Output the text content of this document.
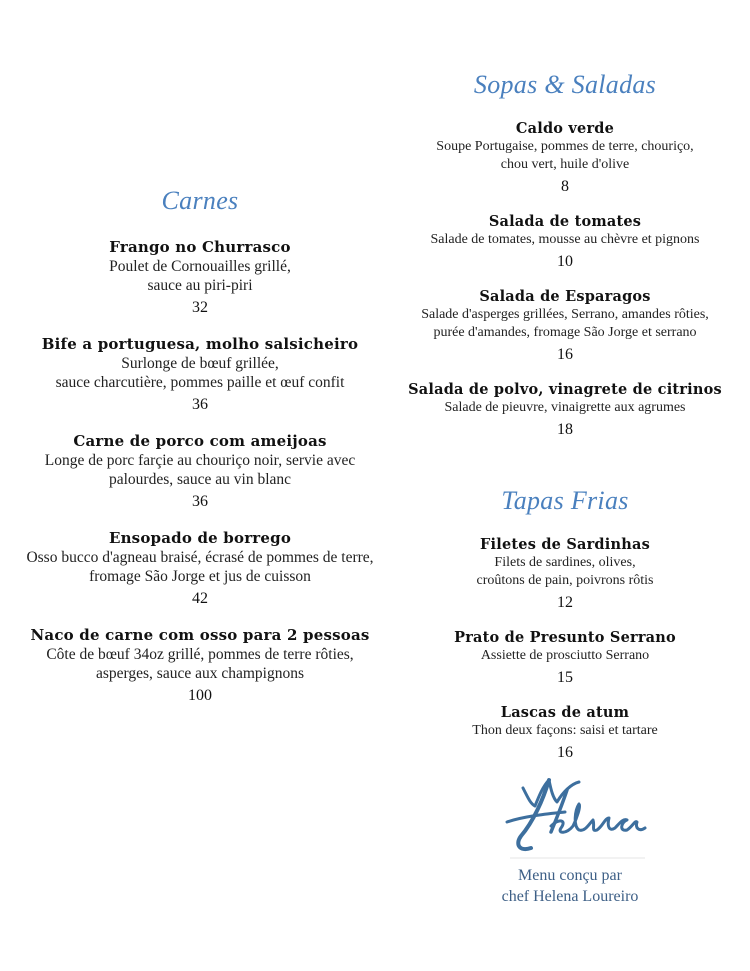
Carnes
Frango no Churrasco
Poulet de Cornouailles grillé,
sauce au piri-piri
32
Bife a portuguesa, molho salsicheiro
Surlonge de bœuf grillée,
sauce charcutière, pommes paille et œuf confit
36
Carne de porco com ameijoas
Longe de porc farçie au chouriço noir, servie avec
palourdes, sauce au vin blanc
36
Ensopado de borrego
Osso bucco d'agneau braisé, écrasé de pommes de terre,
fromage São Jorge et jus de cuisson
42
Naco de carne com osso para 2 pessoas
Côte de bœuf 34oz grillé, pommes de terre rôties,
asperges, sauce aux champignons
100
Sopas & Saladas
Caldo verde
Soupe Portugaise, pommes de terre, chouriço,
chou vert, huile d'olive
8
Salada de tomates
Salade de tomates, mousse au chèvre et pignons
10
Salada de Esparagos
Salade d'asperges grillées, Serrano, amandes rôties,
purée d'amandes, fromage São Jorge et serrano
16
Salada de polvo, vinagrete de citrinos
Salade de pieuvre, vinaigrette aux agrumes
18
Tapas Frias
Filetes de Sardinhas
Filets de sardines, olives,
croûtons de pain, poivrons rôtis
12
Prato de Presunto Serrano
Assiette de prosciutto Serrano
15
Lascas de atum
Thon deux façons: saisi et tartare
16
Helena
Menu conçu par
chef Helena Loureiro
